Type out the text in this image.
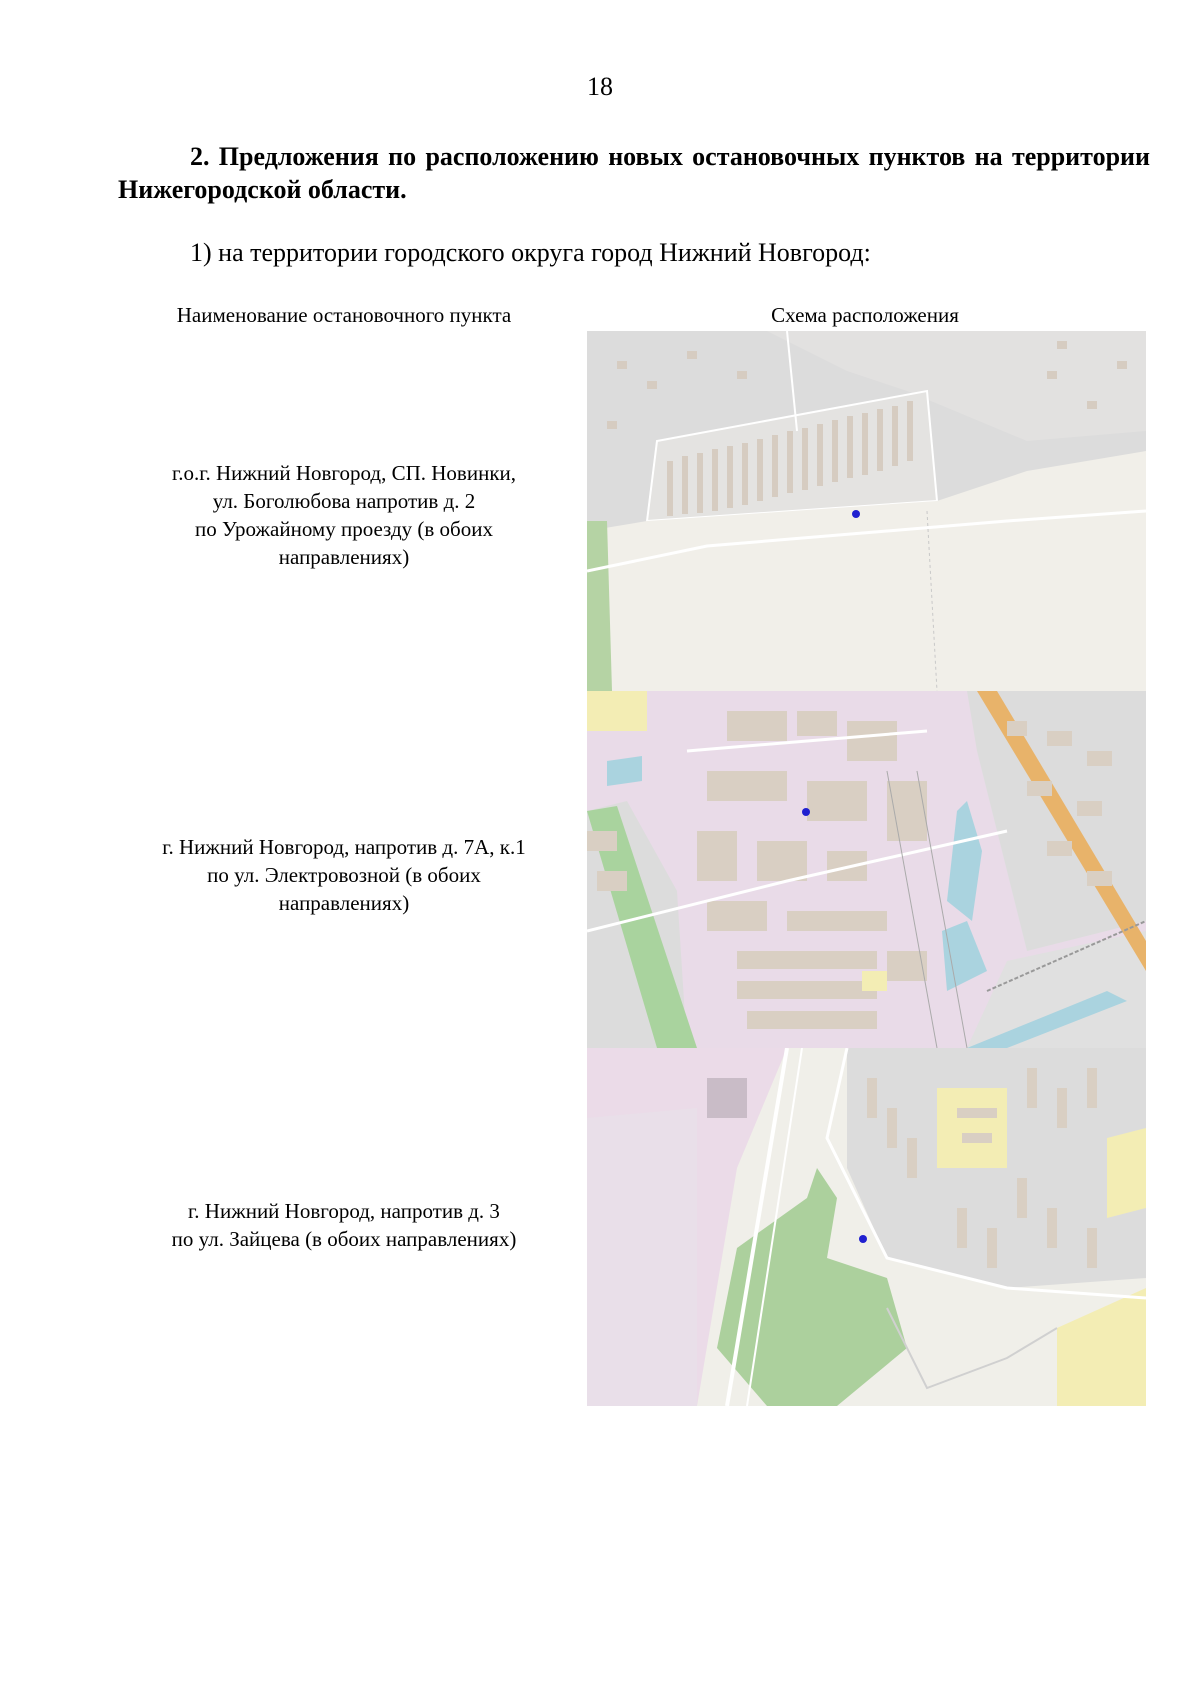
18

2. Предложения по расположению новых остановочных пунктов на территории Нижегородской области.

1) на территории городского округа город Нижний Новгород:

Наименование остановочного пункта	Схема расположения
г.о.г. Нижний Новгород, СП. Новинки,
ул. Боголюбова напротив д. 2
по Урожайному проезду (в обоих
направлениях)
г. Нижний Новгород, напротив д. 7А, к.1
по ул. Электровозной (в обоих
направлениях)
г. Нижний Новгород, напротив д. 3
по ул. Зайцева (в обоих направлениях)
